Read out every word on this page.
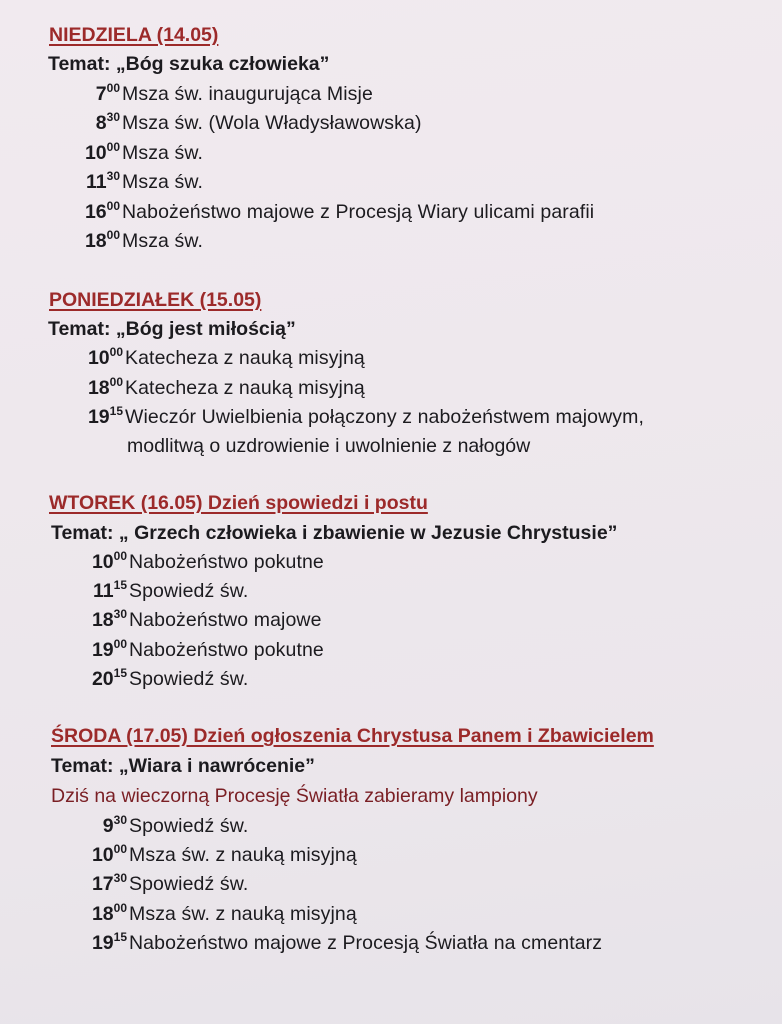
NIEDZIELA (14.05)
Temat: „Bóg szuka człowieka”
$7^{00}$ Msza św. inaugurująca Misje
$8^{30}$ Msza św. (Wola Władysławowska)
$10^{00}$ Msza św.
$11^{30}$ Msza św.
$16^{00}$ Nabożeństwo majowe z Procesją Wiary ulicami parafii
$18^{00}$ Msza św.
PONIEDZIAŁEK (15.05)
Temat: „Bóg jest miłością”
$10^{00}$ Katecheza z nauką misyjną
$18^{00}$ Katecheza z nauką misyjną
$19^{15}$ Wieczór Uwielbienia połączony z nabożeństwem majowym,
modlitwą o uzdrowienie i uwolnienie z nałogów
WTOREK (16.05) Dzień spowiedzi i postu
Temat: „ Grzech człowieka i zbawienie w Jezusie Chrystusie”
$10^{00}$ Nabożeństwo pokutne
$11^{15}$ Spowiedź św.
$18^{30}$ Nabożeństwo majowe
$19^{00}$ Nabożeństwo pokutne
$20^{15}$ Spowiedź św.
ŚRODA (17.05) Dzień ogłoszenia Chrystusa Panem i Zbawicielem
Temat: „Wiara i nawrócenie”
Dziś na wieczorną Procesję Światła zabieramy lampiony
$9^{30}$ Spowiedź św.
$10^{00}$ Msza św. z nauką misyjną
$17^{30}$ Spowiedź św.
$18^{00}$ Msza św. z nauką misyjną
$19^{15}$ Nabożeństwo majowe z Procesją Światła na cmentarz
